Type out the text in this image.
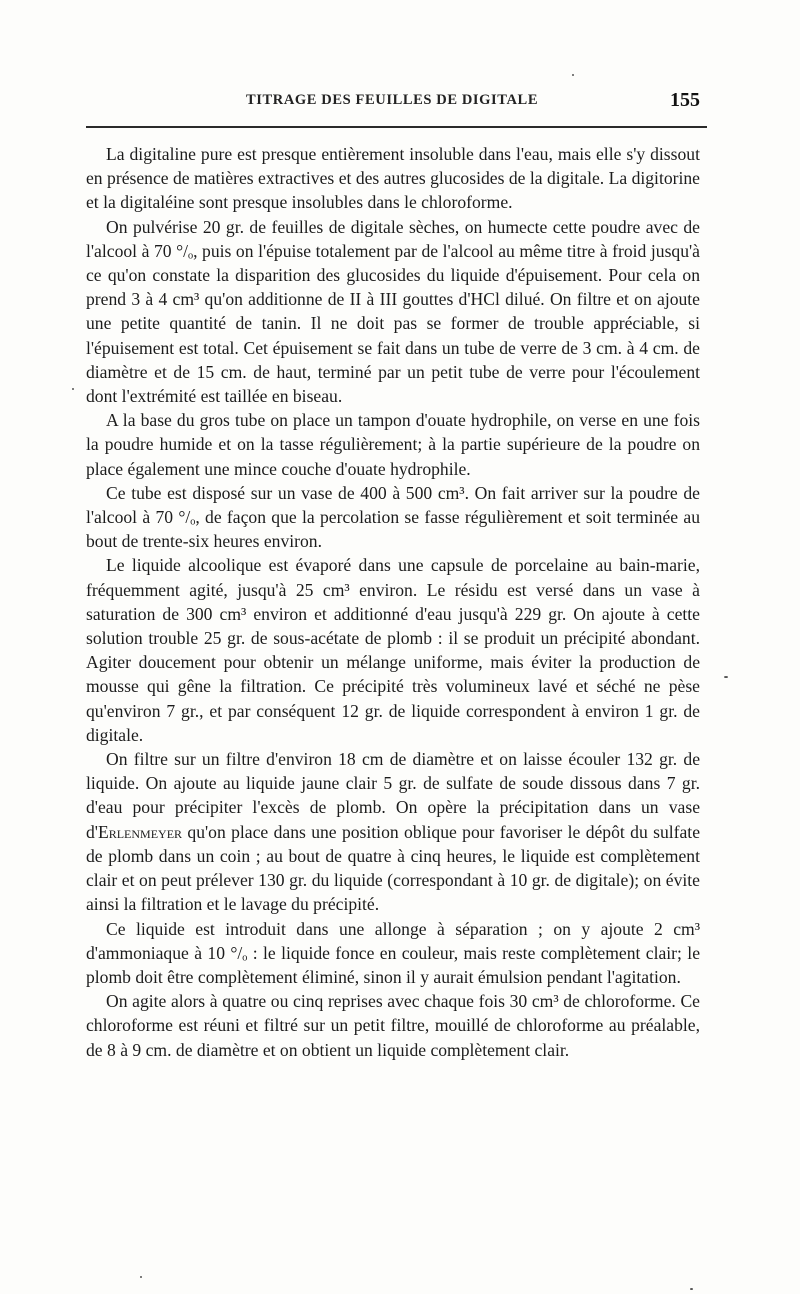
TITRAGE DES FEUILLES DE DIGITALE	155

La digitaline pure est presque entièrement insoluble dans l'eau, mais elle s'y dissout en présence de matières extractives et des autres glucosides de la digitale. La digitorine et la digitaléine sont presque insolubles dans le chloroforme.

On pulvérise 20 gr. de feuilles de digitale sèches, on humecte cette poudre avec de l'alcool à 70 °/ₒ, puis on l'épuise totalement par de l'alcool au même titre à froid jusqu'à ce qu'on constate la disparition des glucosides du liquide d'épuisement. Pour cela on prend 3 à 4 cm³ qu'on additionne de II à III gouttes d'HCl dilué. On filtre et on ajoute une petite quantité de tanin. Il ne doit pas se former de trouble appréciable, si l'épuisement est total. Cet épuisement se fait dans un tube de verre de 3 cm. à 4 cm. de diamètre et de 15 cm. de haut, terminé par un petit tube de verre pour l'écoulement dont l'extrémité est taillée en biseau.

A la base du gros tube on place un tampon d'ouate hydrophile, on verse en une fois la poudre humide et on la tasse régulièrement; à la partie supérieure de la poudre on place également une mince couche d'ouate hydrophile.

Ce tube est disposé sur un vase de 400 à 500 cm³. On fait arriver sur la poudre de l'alcool à 70 °/ₒ, de façon que la percolation se fasse régulièrement et soit terminée au bout de trente-six heures environ.

Le liquide alcoolique est évaporé dans une capsule de porcelaine au bain-marie, fréquemment agité, jusqu'à 25 cm³ environ. Le résidu est versé dans un vase à saturation de 300 cm³ environ et additionné d'eau jusqu'à 229 gr. On ajoute à cette solution trouble 25 gr. de sous-acétate de plomb : il se produit un précipité abondant. Agiter doucement pour obtenir un mélange uniforme, mais éviter la production de mousse qui gêne la filtration. Ce précipité très volumineux lavé et séché ne pèse qu'environ 7 gr., et par conséquent 12 gr. de liquide correspondent à environ 1 gr. de digitale.

On filtre sur un filtre d'environ 18 cm de diamètre et on laisse écouler 132 gr. de liquide. On ajoute au liquide jaune clair 5 gr. de sulfate de soude dissous dans 7 gr. d'eau pour précipiter l'excès de plomb. On opère la précipitation dans un vase d'Erlenmeyer qu'on place dans une position oblique pour favoriser le dépôt du sulfate de plomb dans un coin ; au bout de quatre à cinq heures, le liquide est complètement clair et on peut prélever 130 gr. du liquide (correspondant à 10 gr. de digitale); on évite ainsi la filtration et le lavage du précipité.

Ce liquide est introduit dans une allonge à séparation ; on y ajoute 2 cm³ d'ammoniaque à 10 °/ₒ : le liquide fonce en couleur, mais reste complètement clair; le plomb doit être complètement éliminé, sinon il y aurait émulsion pendant l'agitation.

On agite alors à quatre ou cinq reprises avec chaque fois 30 cm³ de chloroforme. Ce chloroforme est réuni et filtré sur un petit filtre, mouillé de chloroforme au préalable, de 8 à 9 cm. de diamètre et on obtient un liquide complètement clair.
